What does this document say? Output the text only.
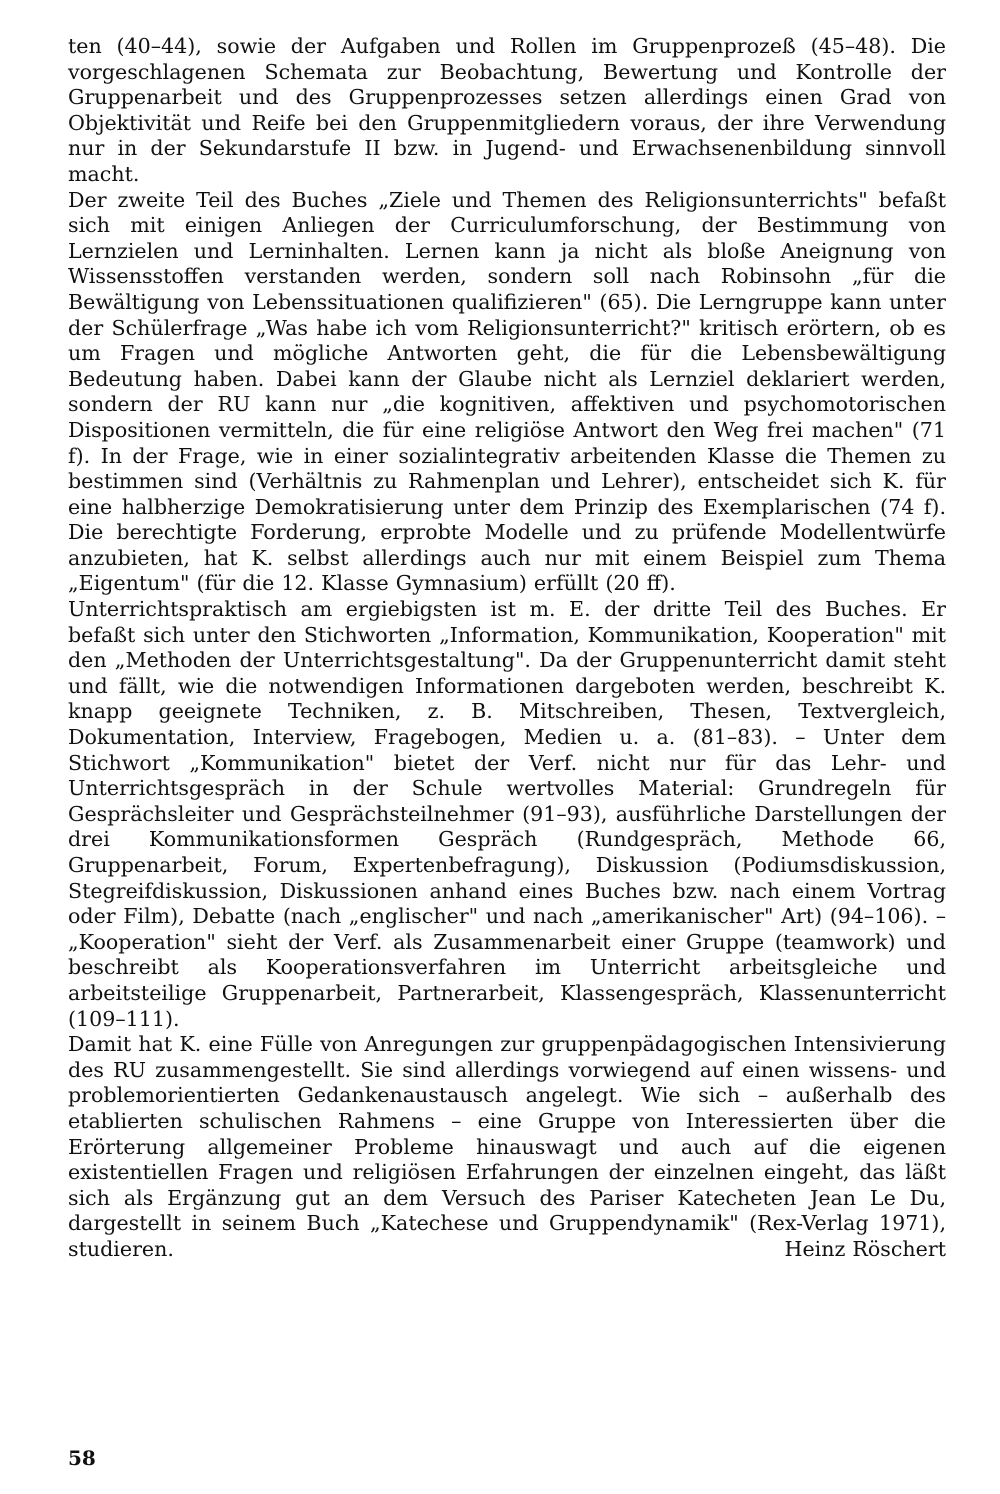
ten (40–44), sowie der Aufgaben und Rollen im Gruppenprozeß (45–48). Die vorgeschlagenen Schemata zur Beobachtung, Bewertung und Kontrolle der Gruppenarbeit und des Gruppenprozesses setzen allerdings einen Grad von Objektivität und Reife bei den Gruppenmitgliedern voraus, der ihre Verwendung nur in der Sekundarstufe II bzw. in Jugend- und Erwachsenenbildung sinnvoll macht.

Der zweite Teil des Buches „Ziele und Themen des Religionsunterrichts" befaßt sich mit einigen Anliegen der Curriculumforschung, der Bestimmung von Lernzielen und Lerninhalten. Lernen kann ja nicht als bloße Aneignung von Wissensstoffen verstanden werden, sondern soll nach Robinsohn „für die Bewältigung von Lebenssituationen qualifizieren" (65). Die Lerngruppe kann unter der Schülerfrage „Was habe ich vom Religionsunterricht?" kritisch erörtern, ob es um Fragen und mögliche Antworten geht, die für die Lebensbewältigung Bedeutung haben. Dabei kann der Glaube nicht als Lernziel deklariert werden, sondern der RU kann nur „die kognitiven, affektiven und psychomotorischen Dispositionen vermitteln, die für eine religiöse Antwort den Weg frei machen" (71 f). In der Frage, wie in einer sozialintegrativ arbeitenden Klasse die Themen zu bestimmen sind (Verhältnis zu Rahmenplan und Lehrer), entscheidet sich K. für eine halbherzige Demokratisierung unter dem Prinzip des Exemplarischen (74 f). Die berechtigte Forderung, erprobte Modelle und zu prüfende Modellentwürfe anzubieten, hat K. selbst allerdings auch nur mit einem Beispiel zum Thema „Eigentum" (für die 12. Klasse Gymnasium) erfüllt (20 ff).

Unterrichtspraktisch am ergiebigsten ist m. E. der dritte Teil des Buches. Er befaßt sich unter den Stichworten „Information, Kommunikation, Kooperation" mit den „Methoden der Unterrichtsgestaltung". Da der Gruppenunterricht damit steht und fällt, wie die notwendigen Informationen dargeboten werden, beschreibt K. knapp geeignete Techniken, z. B. Mitschreiben, Thesen, Textvergleich, Dokumentation, Interview, Fragebogen, Medien u. a. (81–83). – Unter dem Stichwort „Kommunikation" bietet der Verf. nicht nur für das Lehr- und Unterrichtsgespräch in der Schule wertvolles Material: Grundregeln für Gesprächsleiter und Gesprächsteilnehmer (91–93), ausführliche Darstellungen der drei Kommunikationsformen Gespräch (Rundgespräch, Methode 66, Gruppenarbeit, Forum, Expertenbefragung), Diskussion (Podiumsdiskussion, Stegreifdiskussion, Diskussionen anhand eines Buches bzw. nach einem Vortrag oder Film), Debatte (nach „englischer" und nach „amerikanischer" Art) (94–106). – „Kooperation" sieht der Verf. als Zusammenarbeit einer Gruppe (teamwork) und beschreibt als Kooperationsverfahren im Unterricht arbeitsgleiche und arbeitsteilige Gruppenarbeit, Partnerarbeit, Klassengespräch, Klassenunterricht (109–111).

Damit hat K. eine Fülle von Anregungen zur gruppenpädagogischen Intensivierung des RU zusammengestellt. Sie sind allerdings vorwiegend auf einen wissens- und problemorientierten Gedankenaustausch angelegt. Wie sich – außerhalb des etablierten schulischen Rahmens – eine Gruppe von Interessierten über die Erörterung allgemeiner Probleme hinauswagt und auch auf die eigenen existentiellen Fragen und religiösen Erfahrungen der einzelnen eingeht, das läßt sich als Ergänzung gut an dem Versuch des Pariser Katecheten Jean Le Du, dargestellt in seinem Buch „Katechese und Gruppendynamik" (Rex-Verlag 1971), studieren.	Heinz Röschert

58
